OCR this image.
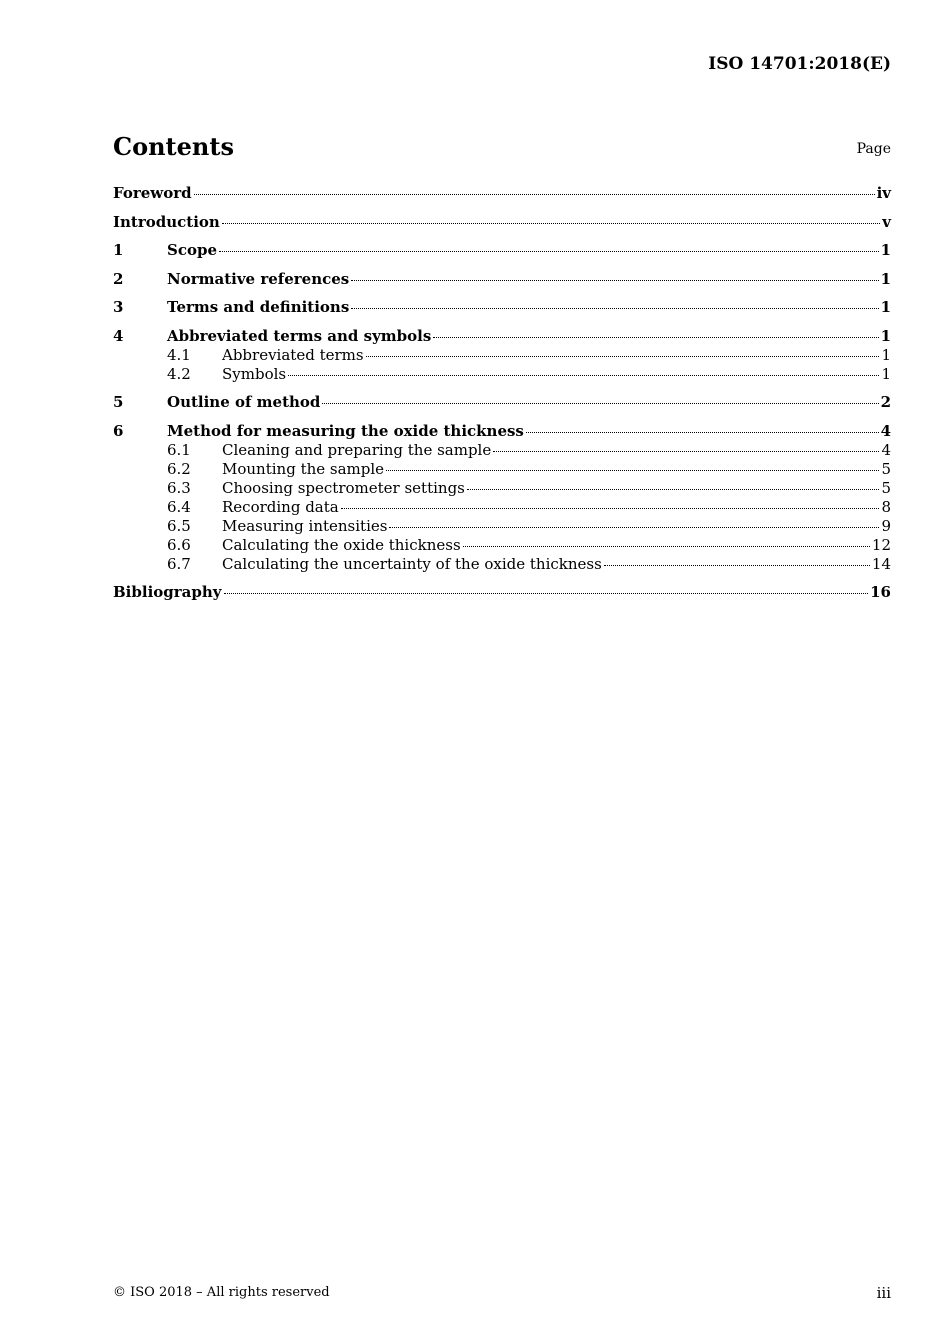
ISO 14701:2018(E)
Contents	Page
Foreword	iv
Introduction	v
1	Scope	1
2	Normative references	1
3	Terms and definitions	1
4	Abbreviated terms and symbols	1
4.1	Abbreviated terms	1
4.2	Symbols	1
5	Outline of method	2
6	Method for measuring the oxide thickness	4
6.1	Cleaning and preparing the sample	4
6.2	Mounting the sample	5
6.3	Choosing spectrometer settings	5
6.4	Recording data	8
6.5	Measuring intensities	9
6.6	Calculating the oxide thickness	12
6.7	Calculating the uncertainty of the oxide thickness	14
Bibliography	16
© ISO 2018 – All rights reserved	iii
